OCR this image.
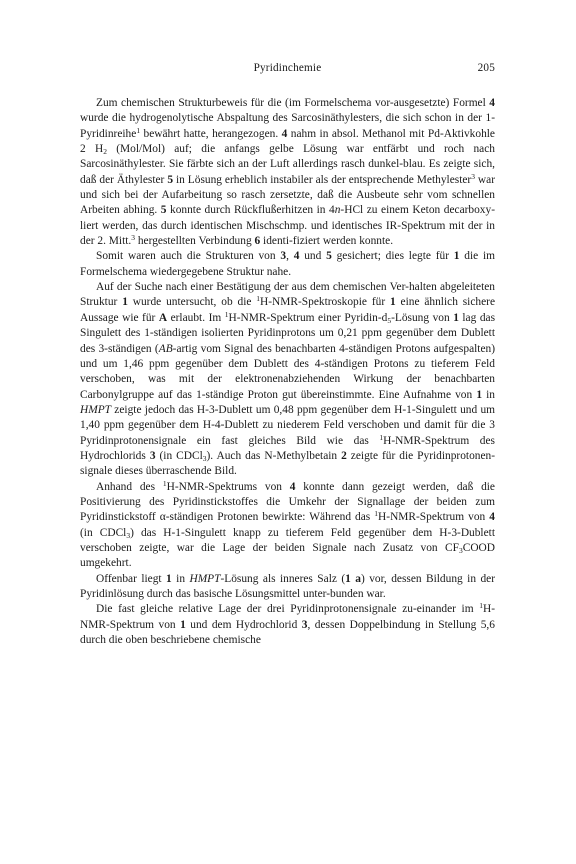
Pyridinchemie	205

Zum chemischen Strukturbeweis für die (im Formelschema vor-ausgesetzte) Formel 4 wurde die hydrogenolytische Abspaltung des Sarcosinäthylesters, die sich schon in der 1-Pyridinreihe$^1$ bewährt hatte, herangezogen. 4 nahm in absol. Methanol mit Pd-Aktivkohle 2 $H_2$ (Mol/Mol) auf; die anfangs gelbe Lösung war entfärbt und roch nach Sarcosinäthylester. Sie färbte sich an der Luft allerdings rasch dunkel-blau. Es zeigte sich, daß der Äthylester 5 in Lösung erheblich instabiler als der entsprechende Methylester$^3$ war und sich bei der Aufarbeitung so rasch zersetzte, daß die Ausbeute sehr vom schnellen Arbeiten abhing. 5 konnte durch Rückflußerhitzen in 4n-HCl zu einem Keton decarboxy-liert werden, das durch identischen Mischschmp. und identisches IR-Spektrum mit der in der 2. Mitt.$^3$ hergestellten Verbindung 6 identi-fiziert werden konnte.

Somit waren auch die Strukturen von 3, 4 und 5 gesichert; dies legte für 1 die im Formelschema wiedergegebene Struktur nahe.

Auf der Suche nach einer Bestätigung der aus dem chemischen Ver-halten abgeleiteten Struktur 1 wurde untersucht, ob die $^1$H-NMR-Spektroskopie für 1 eine ähnlich sichere Aussage wie für A erlaubt. Im $^1$H-NMR-Spektrum einer Pyridin-$d_5$-Lösung von 1 lag das Singulett des 1-ständigen isolierten Pyridinprotons um 0,21 ppm gegenüber dem Dublett des 3-ständigen (AB-artig vom Signal des benachbarten 4-ständigen Protons aufgespalten) und um 1,46 ppm gegenüber dem Dublett des 4-ständigen Protons zu tieferem Feld verschoben, was mit der elektronenabziehenden Wirkung der benachbarten Carbonylgruppe auf das 1-ständige Proton gut übereinstimmte. Eine Aufnahme von 1 in HMPT zeigte jedoch das H-3-Dublett um 0,48 ppm gegenüber dem H-1-Singulett und um 1,40 ppm gegenüber dem H-4-Dublett zu niederem Feld verschoben und damit für die 3 Pyridinprotonensignale ein fast gleiches Bild wie das $^1$H-NMR-Spektrum des Hydrochlorids 3 (in CDCl$_3$). Auch das N-Methylbetain 2 zeigte für die Pyridinprotonen-signale dieses überraschende Bild.

Anhand des $^1$H-NMR-Spektrums von 4 konnte dann gezeigt werden, daß die Positivierung des Pyridinstickstoffes die Umkehr der Signallage der beiden zum Pyridinstickstoff α-ständigen Protonen bewirkte: Während das $^1$H-NMR-Spektrum von 4 (in CDCl$_3$) das H-1-Singulett knapp zu tieferem Feld gegenüber dem H-3-Dublett verschoben zeigte, war die Lage der beiden Signale nach Zusatz von $CF_3COOD$ umgekehrt.

Offenbar liegt 1 in HMPT-Lösung als inneres Salz (1 a) vor, dessen Bildung in der Pyridinlösung durch das basische Lösungsmittel unter-bunden war.

Die fast gleiche relative Lage der drei Pyridinprotonensignale zu-einander im $^1$H-NMR-Spektrum von 1 und dem Hydrochlorid 3, dessen Doppelbindung in Stellung 5,6 durch die oben beschriebene chemische
